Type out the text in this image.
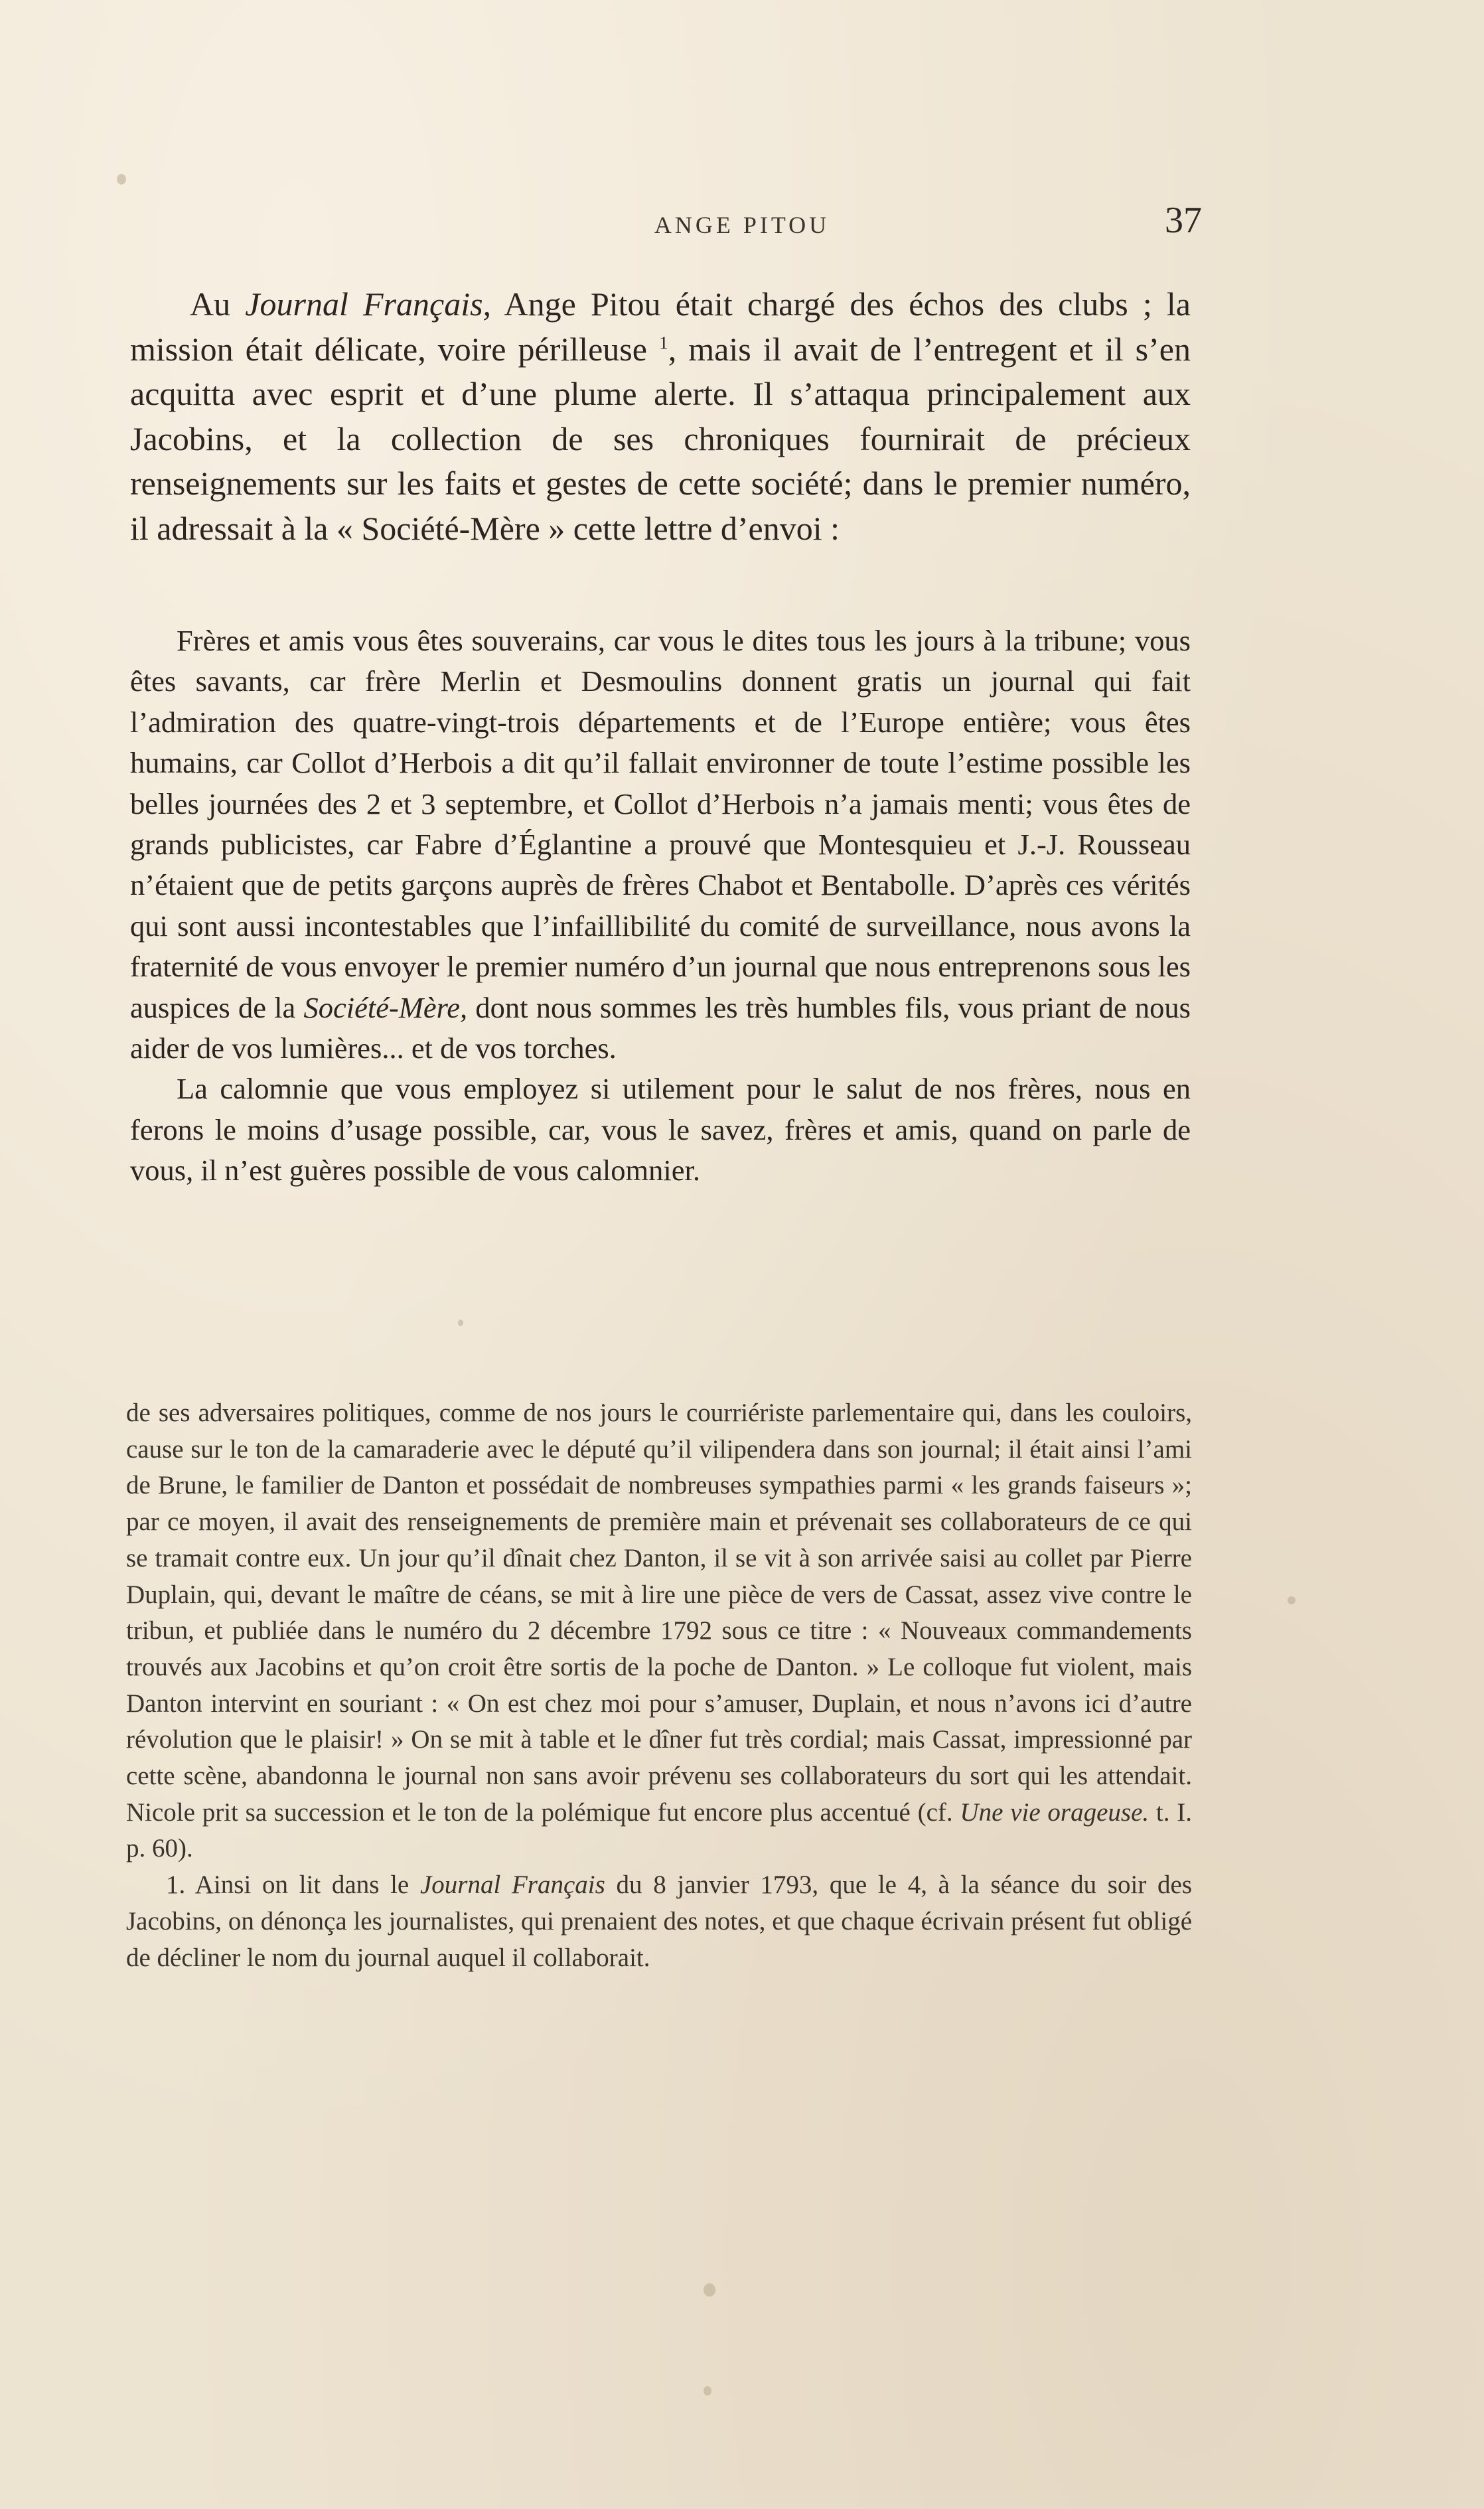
ANGE PITOU	37

Au Journal Français, Ange Pitou était chargé des échos des clubs ; la mission était délicate, voire périlleuse $^1$, mais il avait de l’entregent et il s’en acquitta avec esprit et d’une plume alerte. Il s’attaqua principalement aux Jacobins, et la collection de ses chroniques fournirait de précieux renseignements sur les faits et gestes de cette société; dans le premier numéro, il adressait à la « Société-Mère » cette lettre d’envoi :

Frères et amis vous êtes souverains, car vous le dites tous les jours à la tribune; vous êtes savants, car frère Merlin et Desmoulins donnent gratis un journal qui fait l’admiration des quatre-vingt-trois départements et de l’Europe entière; vous êtes humains, car Collot d’Herbois a dit qu’il fallait environner de toute l’estime possible les belles journées des 2 et 3 septembre, et Collot d’Herbois n’a jamais menti; vous êtes de grands publicistes, car Fabre d’Églantine a prouvé que Montesquieu et J.-J. Rousseau n’étaient que de petits garçons auprès de frères Chabot et Bentabolle. D’après ces vérités qui sont aussi incontestables que l’infaillibilité du comité de surveillance, nous avons la fraternité de vous envoyer le premier numéro d’un journal que nous entreprenons sous les auspices de la Société-Mère, dont nous sommes les très humbles fils, vous priant de nous aider de vos lumières... et de vos torches.

La calomnie que vous employez si utilement pour le salut de nos frères, nous en ferons le moins d’usage possible, car, vous le savez, frères et amis, quand on parle de vous, il n’est guères possible de vous calomnier.

de ses adversaires politiques, comme de nos jours le courriériste parlementaire qui, dans les couloirs, cause sur le ton de la camaraderie avec le député qu’il vilipendera dans son journal; il était ainsi l’ami de Brune, le familier de Danton et possédait de nombreuses sympathies parmi « les grands faiseurs »; par ce moyen, il avait des renseignements de première main et prévenait ses collaborateurs de ce qui se tramait contre eux. Un jour qu’il dînait chez Danton, il se vit à son arrivée saisi au collet par Pierre Duplain, qui, devant le maître de céans, se mit à lire une pièce de vers de Cassat, assez vive contre le tribun, et publiée dans le numéro du 2 décembre 1792 sous ce titre : « Nouveaux commandements trouvés aux Jacobins et qu’on croit être sortis de la poche de Danton. » Le colloque fut violent, mais Danton intervint en souriant : « On est chez moi pour s’amuser, Duplain, et nous n’avons ici d’autre révolution que le plaisir! » On se mit à table et le dîner fut très cordial; mais Cassat, impressionné par cette scène, abandonna le journal non sans avoir prévenu ses collaborateurs du sort qui les attendait. Nicole prit sa succession et le ton de la polémique fut encore plus accentué (cf. Une vie orageuse. t. I. p. 60).

1. Ainsi on lit dans le Journal Français du 8 janvier 1793, que le 4, à la séance du soir des Jacobins, on dénonça les journalistes, qui prenaient des notes, et que chaque écrivain présent fut obligé de décliner le nom du journal auquel il collaborait.
